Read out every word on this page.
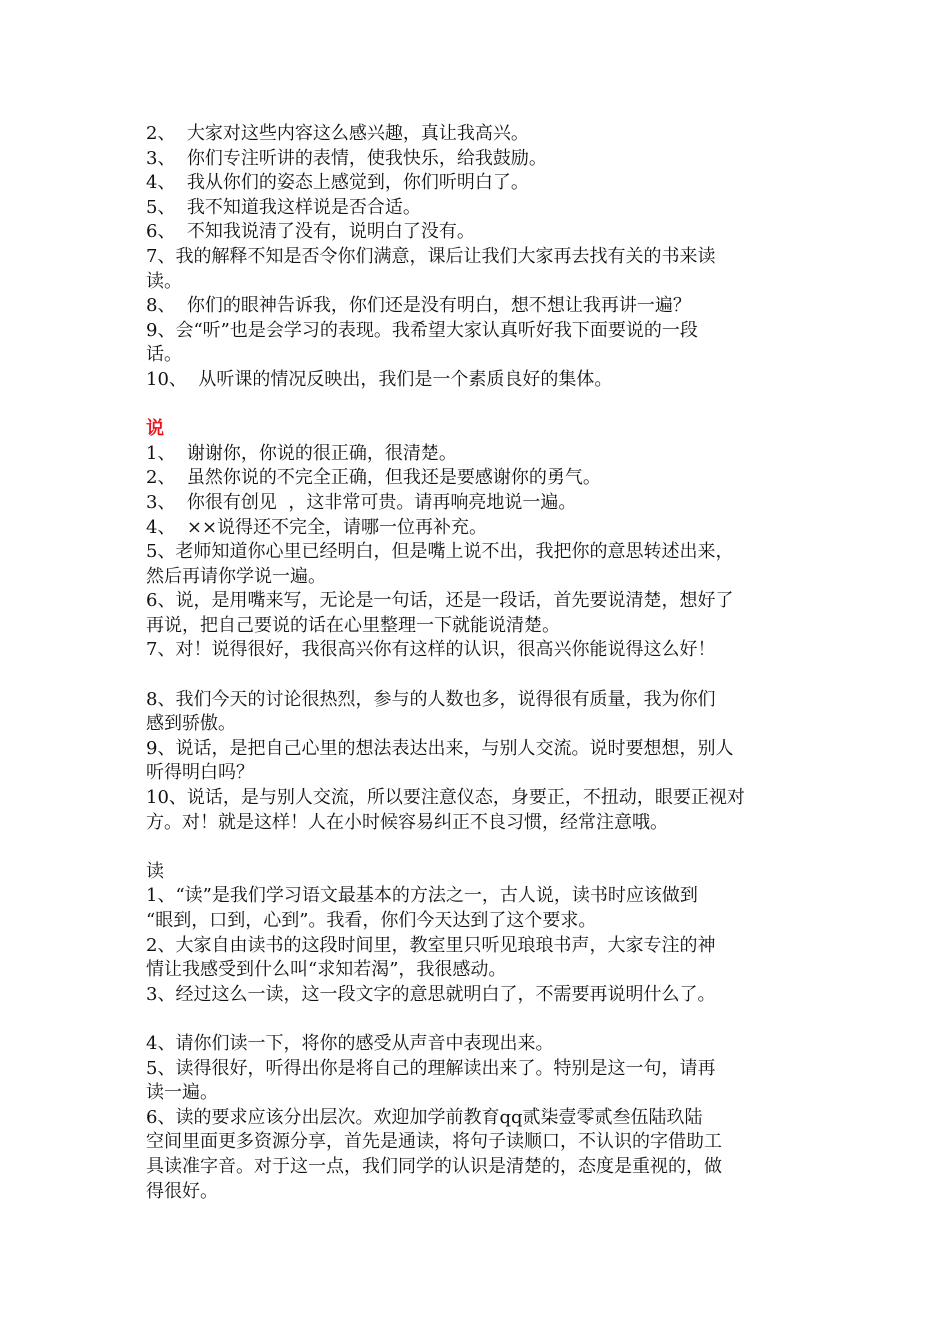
2、  大家对这些内容这么感兴趣，真让我高兴。
3、  你们专注听讲的表情，使我快乐，给我鼓励。
4、  我从你们的姿态上感觉到，你们听明白了。
5、  我不知道我这样说是否合适。
6、  不知我说清了没有，说明白了没有。
7、我的解释不知是否令你们满意，课后让我们大家再去找有关的书来读
读。
8、  你们的眼神告诉我，你们还是没有明白，想不想让我再讲一遍？
9、会“听”也是会学习的表现。我希望大家认真听好我下面要说的一段
话。
10、  从听课的情况反映出，我们是一个素质良好的集体。
说
1、  谢谢你，你说的很正确，很清楚。
2、  虽然你说的不完全正确，但我还是要感谢你的勇气。
3、  你很有创见  ，这非常可贵。请再响亮地说一遍。
4、  ××说得还不完全，请哪一位再补充。
5、老师知道你心里已经明白，但是嘴上说不出，我把你的意思转述出来，
然后再请你学说一遍。
6、说，是用嘴来写，无论是一句话，还是一段话，首先要说清楚，想好了
再说，把自己要说的话在心里整理一下就能说清楚。
7、对！说得很好，我很高兴你有这样的认识，很高兴你能说得这么好！
8、我们今天的讨论很热烈，参与的人数也多，说得很有质量，我为你们
感到骄傲。
9、说话，是把自己心里的想法表达出来，与别人交流。说时要想想，别人
听得明白吗？
10、说话，是与别人交流，所以要注意仪态，身要正，不扭动，眼要正视对
方。对！就是这样！人在小时候容易纠正不良习惯，经常注意哦。
读
1、“读”是我们学习语文最基本的方法之一，古人说，读书时应该做到
“眼到，口到，心到”。我看，你们今天达到了这个要求。
2、大家自由读书的这段时间里，教室里只听见琅琅书声，大家专注的神
情让我感受到什么叫“求知若渴”，我很感动。
3、经过这么一读，这一段文字的意思就明白了，不需要再说明什么了。
4、请你们读一下，将你的感受从声音中表现出来。
5、读得很好，听得出你是将自己的理解读出来了。特别是这一句，请再
读一遍。
6、读的要求应该分出层次。欢迎加学前教育qq贰柒壹零贰叁伍陆玖陆
空间里面更多资源分享，首先是通读，将句子读顺口，不认识的字借助工
具读准字音。对于这一点，我们同学的认识是清楚的，态度是重视的，做
得很好。
